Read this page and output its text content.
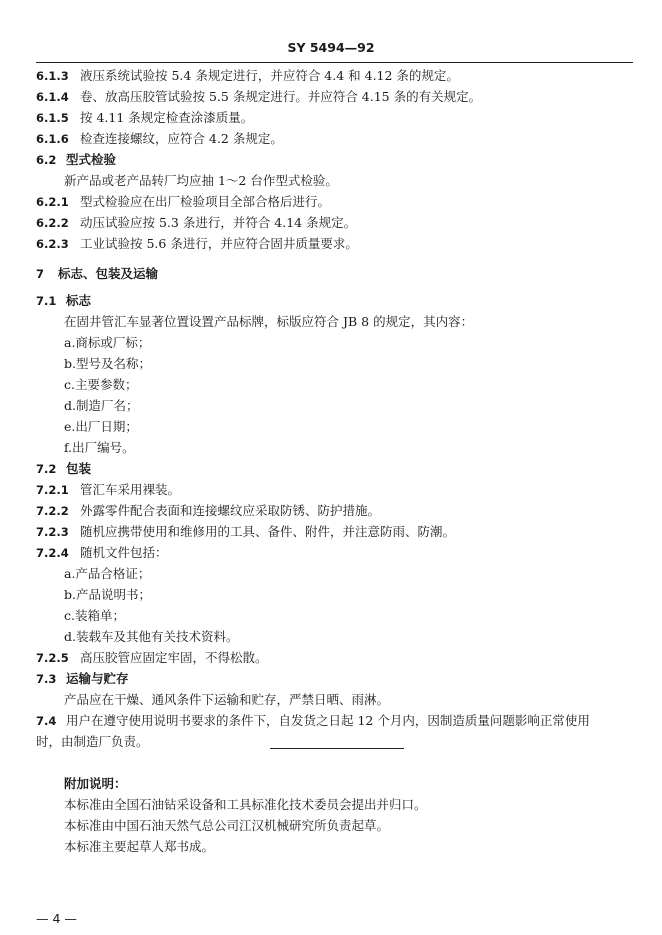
SY 5494—92
6.1.3 液压系统试验按 5.4 条规定进行，并应符合 4.4 和 4.12 条的规定。
6.1.4 卷、放高压胶管试验按 5.5 条规定进行。并应符合 4.15 条的有关规定。
6.1.5 按 4.11 条规定检查涂漆质量。
6.1.6 检查连接螺纹，应符合 4.2 条规定。
6.2 型式检验
新产品或老产品转厂均应抽 1～2 台作型式检验。
6.2.1 型式检验应在出厂检验项目全部合格后进行。
6.2.2 动压试验应按 5.3 条进行，并符合 4.14 条规定。
6.2.3 工业试验按 5.6 条进行，并应符合固井质量要求。
7 标志、包装及运输
7.1 标志
在固井管汇车显著位置设置产品标牌，标版应符合 JB 8 的规定，其内容：
a.商标或厂标；
b.型号及名称；
c.主要参数；
d.制造厂名；
e.出厂日期；
f.出厂编号。
7.2 包装
7.2.1 管汇车采用裸装。
7.2.2 外露零件配合表面和连接螺纹应采取防锈、防护措施。
7.2.3 随机应携带使用和维修用的工具、备件、附件，并注意防雨、防潮。
7.2.4 随机文件包括：
a.产品合格证；
b.产品说明书；
c.装箱单；
d.装载车及其他有关技术资料。
7.2.5 高压胶管应固定牢固，不得松散。
7.3 运输与贮存
产品应在干燥、通风条件下运输和贮存，严禁日晒、雨淋。
7.4 用户在遵守使用说明书要求的条件下，自发货之日起 12 个月内，因制造质量问题影响正常使用
时，由制造厂负责。
附加说明：
本标准由全国石油钻采设备和工具标准化技术委员会提出并归口。
本标准由中国石油天然气总公司江汉机械研究所负责起草。
本标准主要起草人郑书成。
— 4 —
